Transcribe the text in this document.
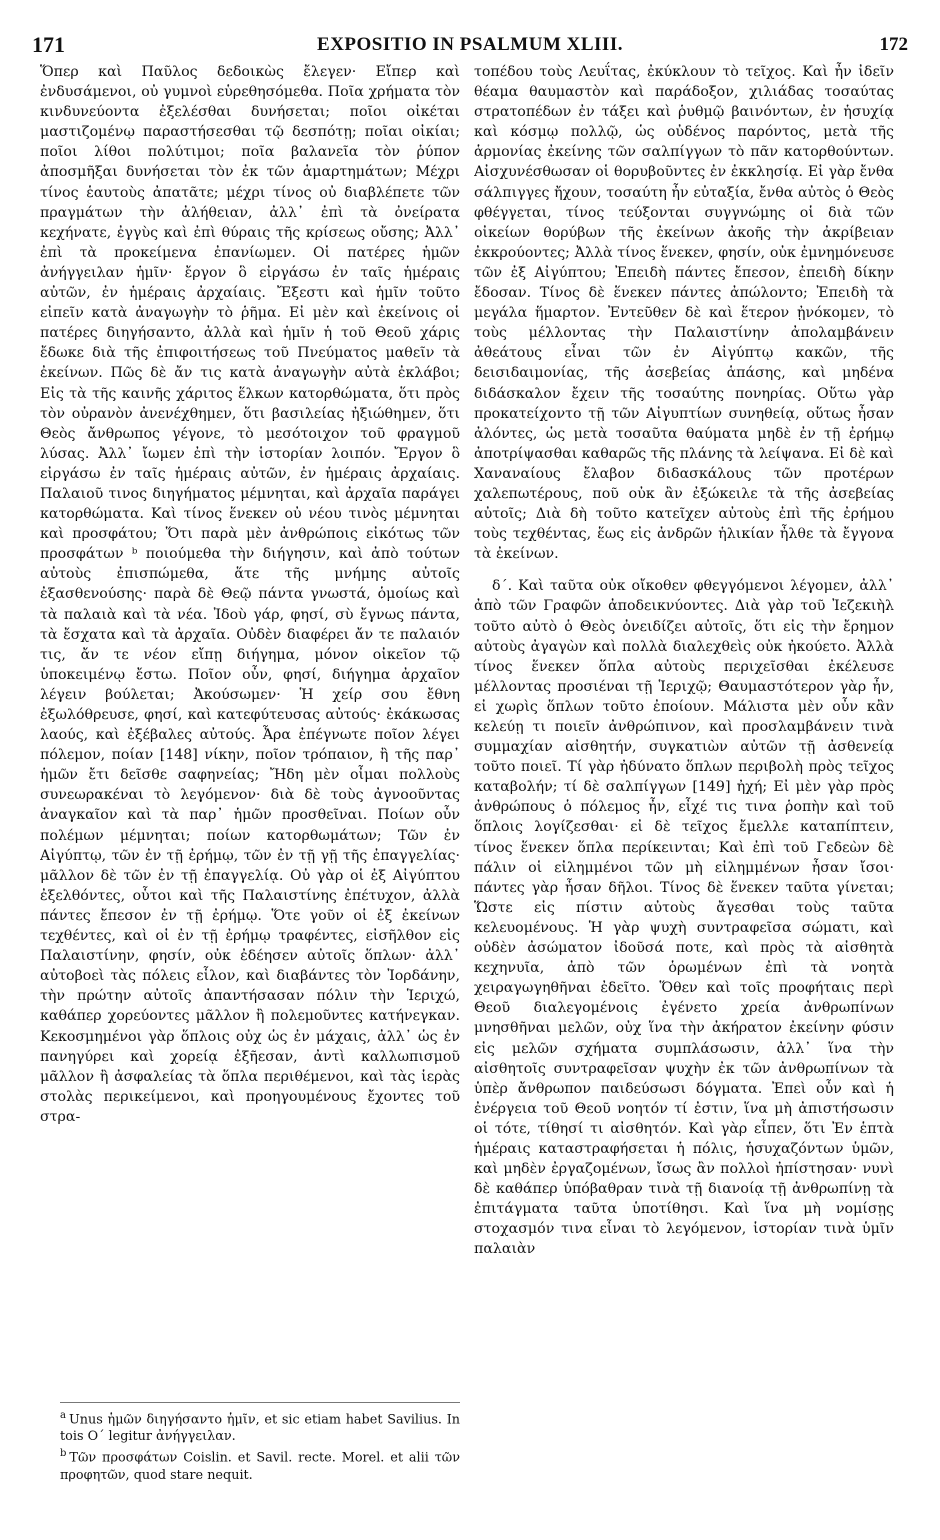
171	EXPOSITIO IN PSALMUM XLIII.	172

Ὅπερ καὶ Παῦλος δεδοικὼς ἔλεγεν· Εἴπερ καὶ ἐνδυσάμενοι, οὐ γυμνοὶ εὑρεθησόμεθα. Ποῖα χρήματα τὸν κινδυνεύοντα ἐξελέσθαι δυνήσεται; ποῖοι οἰκέται μαστιζομένῳ παραστήσεσθαι τῷ δεσπότῃ; ποῖαι οἰκίαι; ποῖοι λίθοι πολύτιμοι; ποῖα βαλανεῖα τὸν ῥύπον ἀποσμῆξαι δυνήσεται τὸν ἐκ τῶν ἁμαρτημάτων; Μέχρι τίνος ἑαυτοὺς ἀπατᾶτε; μέχρι τίνος οὐ διαβλέπετε τῶν πραγμάτων τὴν ἀλήθειαν, ἀλλ᾽ ἐπὶ τὰ ὀνείρατα κεχήνατε, ἐγγὺς καὶ ἐπὶ θύραις τῆς κρίσεως οὔσης; Ἀλλ᾽ ἐπὶ τὰ προκείμενα ἐπανίωμεν. Οἱ πατέρες ἡμῶν ἀνήγγειλαν ἡμῖν· ἔργον ὃ εἰργάσω ἐν ταῖς ἡμέραις αὐτῶν, ἐν ἡμέραις ἀρχαίαις. Ἔξεστι καὶ ἡμῖν τοῦτο εἰπεῖν κατὰ ἀναγωγὴν τὸ ῥῆμα. Εἰ μὲν καὶ ἐκείνοις οἱ πατέρες διηγήσαντο, ἀλλὰ καὶ ἡμῖν ἡ τοῦ Θεοῦ χάρις ἔδωκε διὰ τῆς ἐπιφοιτήσεως τοῦ Πνεύματος μαθεῖν τὰ ἐκείνων. Πῶς δὲ ἄν τις κατὰ ἀναγωγὴν αὐτὰ ἐκλάβοι; Εἰς τὰ τῆς καινῆς χάριτος ἕλκων κατορθώματα, ὅτι πρὸς τὸν οὐρανὸν ἀνενέχθημεν, ὅτι βασιλείας ἠξιώθημεν, ὅτι Θεὸς ἄνθρωπος γέγονε, τὸ μεσότοιχον τοῦ φραγμοῦ λύσας. Ἀλλ᾽ ἴωμεν ἐπὶ τὴν ἱστορίαν λοιπόν. Ἔργον ὃ εἰργάσω ἐν ταῖς ἡμέραις αὐτῶν, ἐν ἡμέραις ἀρχαίαις. Παλαιοῦ τινος διηγήματος μέμνηται, καὶ ἀρχαῖα παράγει κατορθώματα. Καὶ τίνος ἕνεκεν οὐ νέου τινὸς μέμνηται καὶ προσφάτου; Ὅτι παρὰ μὲν ἀνθρώποις εἰκότως τῶν προσφάτων ᵇ ποιούμεθα τὴν διήγησιν, καὶ ἀπὸ τούτων αὐτοὺς ἐπισπώμεθα, ἅτε τῆς μνήμης αὐτοῖς ἐξασθενούσης· παρὰ δὲ Θεῷ πάντα γνωστά, ὁμοίως καὶ τὰ παλαιὰ καὶ τὰ νέα. Ἰδοὺ γάρ, φησί, σὺ ἔγνως πάντα, τὰ ἔσχατα καὶ τὰ ἀρχαῖα. Οὐδὲν διαφέρει ἄν τε παλαιόν τις, ἄν τε νέον εἴπῃ διήγημα, μόνον οἰκεῖον τῷ ὑποκειμένῳ ἔστω. Ποῖον οὖν, φησί, διήγημα ἀρχαῖον λέγειν βούλεται; Ἀκούσωμεν· Ἡ χείρ σου ἔθνη ἐξωλόθρευσε, φησί, καὶ κατεφύτευσας αὐτούς· ἐκάκωσας λαούς, καὶ ἐξέβαλες αὐτούς. Ἆρα ἐπέγνωτε ποῖον λέγει πόλεμον, ποίαν [148] νίκην, ποῖον τρόπαιον, ἢ τῆς παρ᾽ ἡμῶν ἔτι δεῖσθε σαφηνείας; Ἤδη μὲν οἶμαι πολλοὺς συνεωρακέναι τὸ λεγόμενον· διὰ δὲ τοὺς ἀγνοοῦντας ἀναγκαῖον καὶ τὰ παρ᾽ ἡμῶν προσθεῖναι. Ποίων οὖν πολέμων μέμνηται; ποίων κατορθωμάτων; Τῶν ἐν Αἰγύπτῳ, τῶν ἐν τῇ ἐρήμῳ, τῶν ἐν τῇ γῇ τῆς ἐπαγγελίας· μᾶλλον δὲ τῶν ἐν τῇ ἐπαγγελίᾳ. Οὐ γὰρ οἱ ἐξ Αἰγύπτου ἐξελθόντες, οὗτοι καὶ τῆς Παλαιστίνης ἐπέτυχον, ἀλλὰ πάντες ἔπεσον ἐν τῇ ἐρήμῳ. Ὅτε γοῦν οἱ ἐξ ἐκείνων τεχθέντες, καὶ οἱ ἐν τῇ ἐρήμῳ τραφέντες, εἰσῆλθον εἰς Παλαιστίνην, φησίν, οὐκ ἐδέησεν αὐτοῖς ὅπλων· ἀλλ᾽ αὐτοβοεὶ τὰς πόλεις εἷλον, καὶ διαβάντες τὸν Ἰορδάνην, τὴν πρώτην αὐτοῖς ἀπαντήσασαν πόλιν τὴν Ἱεριχώ, καθάπερ χορεύοντες μᾶλλον ἢ πολεμοῦντες κατήνεγκαν. Κεκοσμημένοι γὰρ ὅπλοις οὐχ ὡς ἐν μάχαις, ἀλλ᾽ ὡς ἐν πανηγύρει καὶ χορείᾳ ἐξῆεσαν, ἀντὶ καλλωπισμοῦ μᾶλλον ἢ ἀσφαλείας τὰ ὅπλα περιθέμενοι, καὶ τὰς ἱερὰς στολὰς περικείμενοι, καὶ προηγουμένους ἔχοντες τοῦ στρα-

$^a$ Unus ἡμῶν διηγήσαντο ἡμῖν, et sic etiam habet Savilius. In tois Ο΄ legitur ἀνήγγειλαν.

$^b$ Τῶν προσφάτων Coislin. et Savil. recte. Morel. et alii τῶν προφητῶν, quod stare nequit.

τοπέδου τοὺς Λευΐτας, ἐκύκλουν τὸ τεῖχος. Καὶ ἦν ἰδεῖν θέαμα θαυμαστὸν καὶ παράδοξον, χιλιάδας τοσαύτας στρατοπέδων ἐν τάξει καὶ ῥυθμῷ βαινόντων, ἐν ἡσυχίᾳ καὶ κόσμῳ πολλῷ, ὡς οὐδένος παρόντος, μετὰ τῆς ἁρμονίας ἐκείνης τῶν σαλπίγγων τὸ πᾶν κατορθούντων. Αἰσχυνέσθωσαν οἱ θορυβοῦντες ἐν ἐκκλησίᾳ. Εἰ γὰρ ἔνθα σάλπιγγες ἤχουν, τοσαύτη ἦν εὐταξία, ἔνθα αὐτὸς ὁ Θεὸς φθέγγεται, τίνος τεύξονται συγγνώμης οἱ διὰ τῶν οἰκείων θορύβων τῆς ἐκείνων ἀκοῆς τὴν ἀκρίβειαν ἐκκρούοντες; Ἀλλὰ τίνος ἕνεκεν, φησίν, οὐκ ἐμνημόνευσε τῶν ἐξ Αἰγύπτου; Ἐπειδὴ πάντες ἔπεσον, ἐπειδὴ δίκην ἔδοσαν. Τίνος δὲ ἕνεκεν πάντες ἀπώλοντο; Ἐπειδὴ τὰ μεγάλα ἥμαρτον. Ἐντεῦθεν δὲ καὶ ἕτερον ᾐνόκομεν, τὸ τοὺς μέλλοντας τὴν Παλαιστίνην ἀπολαμβάνειν ἀθεάτους εἶναι τῶν ἐν Αἰγύπτῳ κακῶν, τῆς δεισιδαιμονίας, τῆς ἀσεβείας ἁπάσης, καὶ μηδένα διδάσκαλον ἔχειν τῆς τοσαύτης πονηρίας. Οὕτω γὰρ προκατείχοντο τῇ τῶν Αἰγυπτίων συνηθείᾳ, οὕτως ἦσαν ἀλόντες, ὡς μετὰ τοσαῦτα θαύματα μηδὲ ἐν τῇ ἐρήμῳ ἀποτρίψασθαι καθαρῶς τῆς πλάνης τὰ λείψανα. Εἰ δὲ καὶ Χαναναίους ἔλαβον διδασκάλους τῶν προτέρων χαλεπωτέρους, ποῦ οὐκ ἂν ἐξώκειλε τὰ τῆς ἀσεβείας αὐτοῖς; Διὰ δὴ τοῦτο κατεῖχεν αὐτοὺς ἐπὶ τῆς ἐρήμου τοὺς τεχθέντας, ἕως εἰς ἀνδρῶν ἡλικίαν ἦλθε τὰ ἔγγονα τὰ ἐκείνων.

δ΄. Καὶ ταῦτα οὐκ οἴκοθεν φθεγγόμενοι λέγομεν, ἀλλ᾽ ἀπὸ τῶν Γραφῶν ἀποδεικνύοντες. Διὰ γὰρ τοῦ Ἰεζεκιὴλ τοῦτο αὐτὸ ὁ Θεὸς ὀνειδίζει αὐτοῖς, ὅτι εἰς τὴν ἔρημον αὐτοὺς ἀγαγὼν καὶ πολλὰ διαλεχθεὶς οὐκ ἠκούετο. Ἀλλὰ τίνος ἕνεκεν ὅπλα αὐτοὺς περιχεῖσθαι ἐκέλευσε μέλλοντας προσιέναι τῇ Ἱεριχῷ; Θαυμαστότερον γὰρ ἦν, εἰ χωρὶς ὅπλων τοῦτο ἐποίουν. Μάλιστα μὲν οὖν κἂν κελεύῃ τι ποιεῖν ἀνθρώπινον, καὶ προσλαμβάνειν τινὰ συμμαχίαν αἰσθητήν, συγκατιὼν αὐτῶν τῇ ἀσθενείᾳ τοῦτο ποιεῖ. Τί γὰρ ἠδύνατο ὅπλων περιβολὴ πρὸς τεῖχος καταβολήν; τί δὲ σαλπίγγων [149] ἠχή; Εἰ μὲν γὰρ πρὸς ἀνθρώπους ὁ πόλεμος ἦν, εἶχέ τις τινα ῥοπὴν καὶ τοῦ ὅπλοις λογίζεσθαι· εἰ δὲ τεῖχος ἔμελλε καταπίπτειν, τίνος ἕνεκεν ὅπλα περίκεινται; Καὶ ἐπὶ τοῦ Γεδεὼν δὲ πάλιν οἱ εἰλημμένοι τῶν μὴ εἰλημμένων ἦσαν ἴσοι· πάντες γὰρ ἦσαν δῆλοι. Τίνος δὲ ἕνεκεν ταῦτα γίνεται; Ὥστε εἰς πίστιν αὐτοὺς ἄγεσθαι τοὺς ταῦτα κελευομένους. Ἡ γὰρ ψυχὴ συντραφεῖσα σώματι, καὶ οὐδὲν ἀσώματον ἰδοῦσά ποτε, καὶ πρὸς τὰ αἰσθητὰ κεχηνυῖα, ἀπὸ τῶν ὁρωμένων ἐπὶ τὰ νοητὰ χειραγωγηθῆναι ἐδεῖτο. Ὅθεν καὶ τοῖς προφήταις περὶ Θεοῦ διαλεγομένοις ἐγένετο χρεία ἀνθρωπίνων μνησθῆναι μελῶν, οὐχ ἵνα τὴν ἀκήρατον ἐκείνην φύσιν εἰς μελῶν σχήματα συμπλάσωσιν, ἀλλ᾽ ἵνα τὴν αἰσθητοῖς συντραφεῖσαν ψυχὴν ἐκ τῶν ἀνθρωπίνων τὰ ὑπὲρ ἄνθρωπον παιδεύσωσι δόγματα. Ἐπεὶ οὖν καὶ ἡ ἐνέργεια τοῦ Θεοῦ νοητόν τί ἐστιν, ἵνα μὴ ἀπιστήσωσιν οἱ τότε, τίθησί τι αἰσθητόν. Καὶ γὰρ εἶπεν, ὅτι Ἐν ἑπτὰ ἡμέραις καταστραφήσεται ἡ πόλις, ἡσυχαζόντων ὑμῶν, καὶ μηδὲν ἐργαζομένων, ἴσως ἂν πολλοὶ ἠπίστησαν· νυνὶ δὲ καθάπερ ὑπόβαθραν τινὰ τῇ διανοίᾳ τῇ ἀνθρωπίνῃ τὰ ἐπιτάγματα ταῦτα ὑποτίθησι. Καὶ ἵνα μὴ νομίσῃς στοχασμόν τινα εἶναι τὸ λεγόμενον, ἱστορίαν τινὰ ὑμῖν παλαιὰν
